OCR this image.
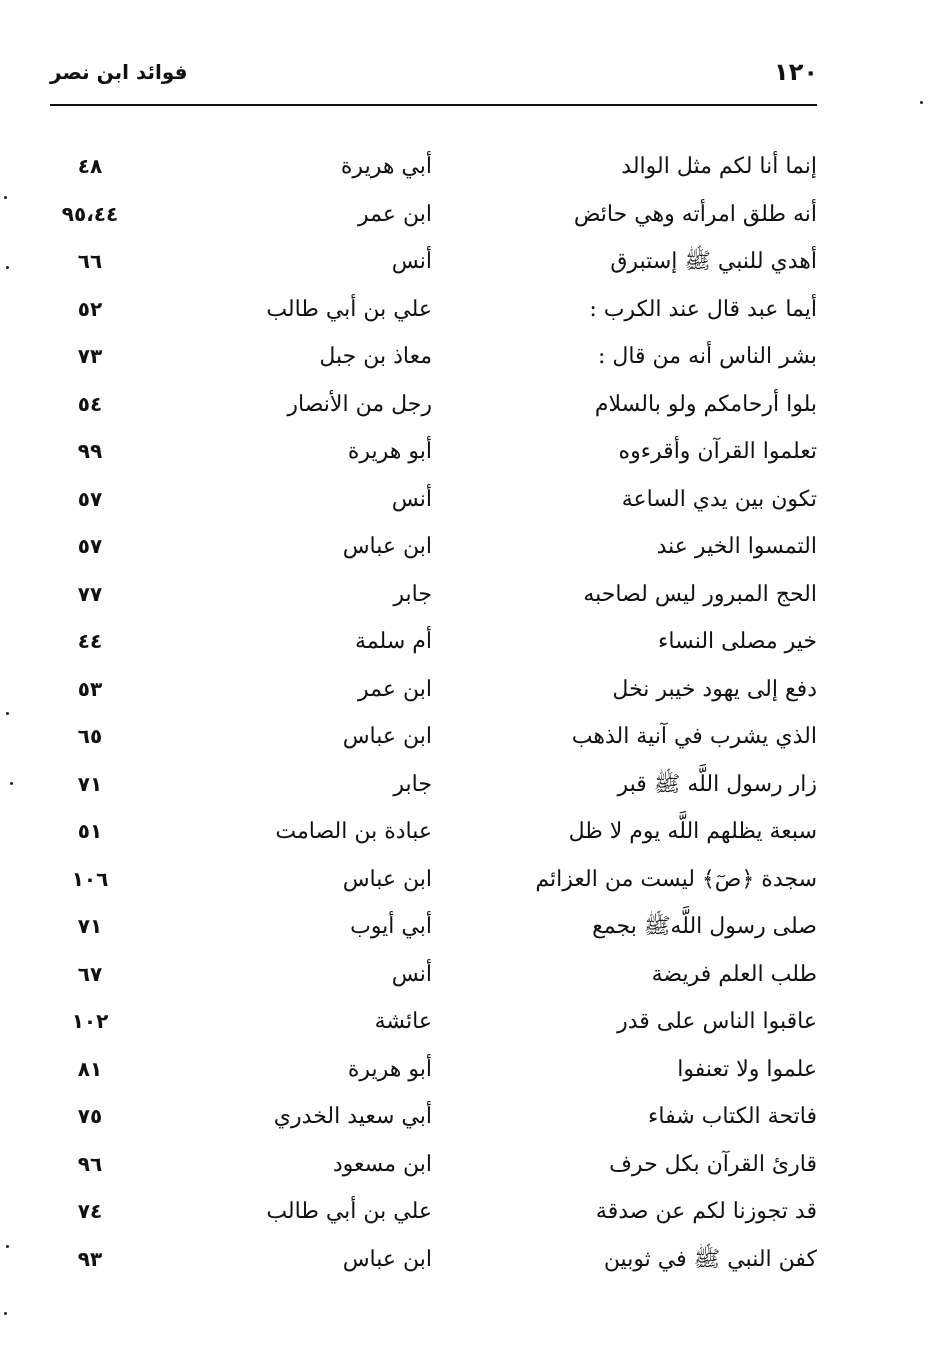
١٢٠
فوائد ابن نصر
إنما أنا لكم مثل الوالد
أبي هريرة
٤٨
أنه طلق امرأته وهي حائض
ابن عمر
٩٥،٤٤
أهدي للنبي ﷺ إستبرق
أنس
٦٦
أيما عبد قال عند الكرب :
علي بن أبي طالب
٥٢
بشر الناس أنه من قال :
معاذ بن جبل
٧٣
بلوا أرحامكم ولو بالسلام
رجل من الأنصار
٥٤
تعلموا القرآن وأقرءوه
أبو هريرة
٩٩
تكون بين يدي الساعة
أنس
٥٧
التمسوا الخير عند
ابن عباس
٥٧
الحج المبرور ليس لصاحبه
جابر
٧٧
خير مصلى النساء
أم سلمة
٤٤
دفع إلى يهود خيبر نخل
ابن عمر
٥٣
الذي يشرب في آنية الذهب
ابن عباس
٦٥
زار رسول اللَّه ﷺ قبر
جابر
٧١
سبعة يظلهم اللَّه يوم لا ظل
عبادة بن الصامت
٥١
سجدة ﴿صٓ﴾ ليست من العزائم
ابن عباس
١٠٦
صلى رسول اللَّهﷺ بجمع
أبي أيوب
٧١
طلب العلم فريضة
أنس
٦٧
عاقبوا الناس على قدر
عائشة
١٠٢
علموا ولا تعنفوا
أبو هريرة
٨١
فاتحة الكتاب شفاء
أبي سعيد الخدري
٧٥
قارئ القرآن بكل حرف
ابن مسعود
٩٦
قد تجوزنا لكم عن صدقة
علي بن أبي طالب
٧٤
كفن النبي ﷺ في ثوبين
ابن عباس
٩٣
